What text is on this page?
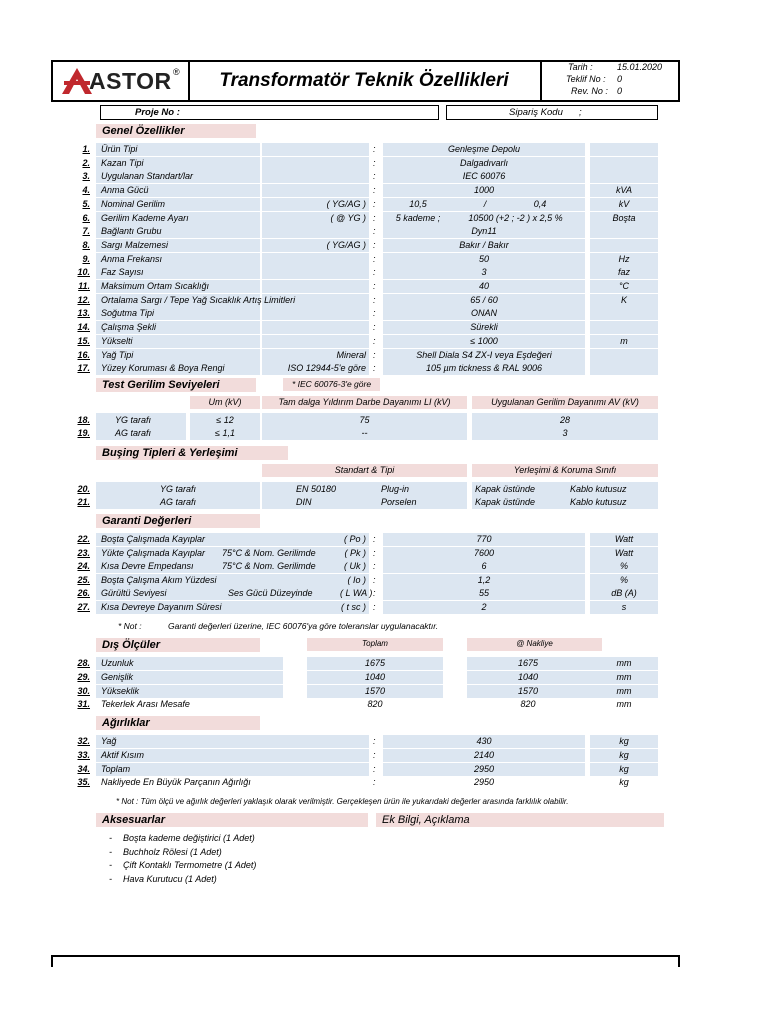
ASTOR ®	Transformatör Teknik Özellikleri
Tarih :	15.01.2020
Teklif No : 0
Rev. No : 0
Proje No :	Sipariş Kodu ;
Genel Özellikler
1. Ürün Tipi	:	Genleşme Depolu
2. Kazan Tipi	:	Dalgadıvarlı
3. Uygulanan Standart/lar	:	IEC 60076
4. Anma Gücü	:	1000	kVA
5. Nominal Gerilim	( YG/AG ) :	10,5	/	0,4	kV
6. Gerilim Kademe Ayarı	( @ YG ) :	5 kademe ;	10500 (+2 ; -2 ) x 2,5 %	Boşta
7. Bağlantı Grubu	:	Dyn11
8. Sargı Malzemesi	( YG/AG ) :	Bakır / Bakır
9. Anma Frekansı	:	50	Hz
10. Faz Sayısı	:	3	faz
11. Maksimum Ortam Sıcaklığı	:	40	°C
12. Ortalama Sargı / Tepe Yağ Sıcaklık Artış Limitleri	:	65 / 60	K
13. Soğutma Tipi	:	ONAN
14. Çalışma Şekli	:	Sürekli
15. Yükselti	:	≤ 1000	m
16. Yağ Tipi	Mineral :	Shell Diala S4 ZX-I veya Eşdeğeri
17. Yüzey Koruması & Boya Rengi	ISO 12944-5'e göre :	105 µm tickness & RAL 9006
Test Gerilim Seviyeleri	* IEC 60076-3'e göre
Um (kV)	Tam dalga Yıldırım Darbe Dayanımı LI (kV)	Uygulanan Gerilim Dayanımı AV (kV)
18.	YG tarafı	≤ 12	75	28
19.	AG tarafı	≤ 1,1	--	3
Buşing Tipleri & Yerleşimi
Standart & Tipi	Yerleşimi & Koruma Sınıfı
20.	YG tarafı	EN 50180	Plug-in	Kapak üstünde	Kablo kutusuz
21.	AG tarafı	DIN	Porselen	Kapak üstünde	Kablo kutusuz
Garanti Değerleri
22. Boşta Çalışmada Kayıplar	( Po ) :	770	Watt
23. Yükte Çalışmada Kayıplar 75°C & Nom. Gerilimde	( Pk ) :	7600	Watt
24. Kısa Devre Empedansı	75°C & Nom. Gerilimde	( Uk ) :	6	%
25. Boşta Çalışma Akım Yüzdesi	( Io ) :	1,2	%
26. Gürültü Seviyesi	Ses Gücü Düzeyinde	( L WA ) :	55	dB (A)
27. Kısa Devreye Dayanım Süresi	( t sc ) :	2	s
* Not :	Garanti değerleri üzerine, IEC 60076'ya göre toleranslar uygulanacaktır.
Dış Ölçüler	Toplam	@ Nakliye
28. Uzunluk	1675	1675	mm
29. Genişlik	1040	1040	mm
30. Yükseklik	1570	1570	mm
31. Tekerlek Arası Mesafe	820	820	mm
Ağırlıklar
32. Yağ	:	430	kg
33. Aktif Kısım	:	2140	kg
34. Toplam	:	2950	kg
35. Nakliyede En Büyük Parçanın Ağırlığı	:	2950	kg
* Not : Tüm ölçü ve ağırlık değerleri yaklaşık olarak verilmiştir. Gerçekleşen ürün ile yukarıdaki değerler arasında farklılık olabilir.
Aksesuarlar	Ek Bilgi, Açıklama
- Boşta kademe değiştirici (1 Adet)
- Buchholz Rölesi (1 Adet)
- Çift Kontaklı Termometre (1 Adet)
- Hava Kurutucu (1 Adet)
